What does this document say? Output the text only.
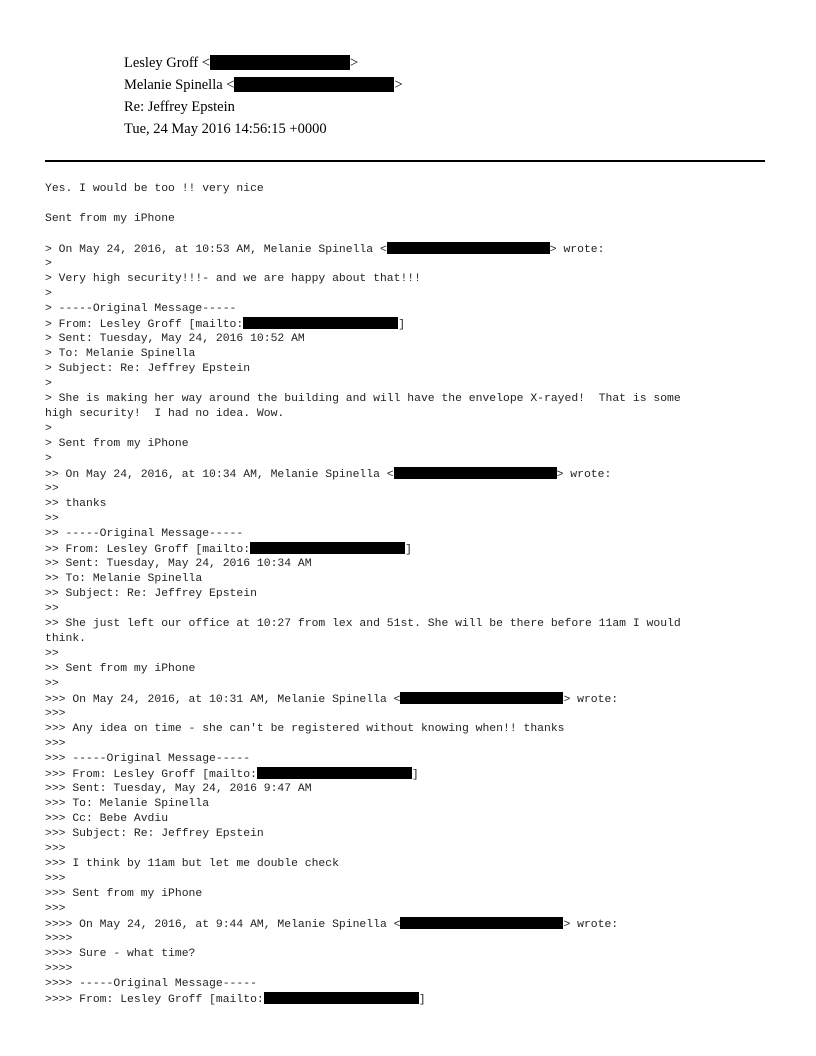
Lesley Groff <	>
Melanie Spinella <	>
Re: Jeffrey Epstein
Tue, 24 May 2016 14:56:15 +0000
Yes. I would be too !! very nice
Sent from my iPhone
> On May 24, 2016, at 10:53 AM, Melanie Spinella <	> wrote:
>
> Very high security!!!- and we are happy about that!!!
>
> -----Original Message-----
> From: Lesley Groff [mailto:	]
> Sent: Tuesday, May 24, 2016 10:52 AM
> To: Melanie Spinella
> Subject: Re: Jeffrey Epstein
>
> She is making her way around the building and will have the envelope X-rayed!  That is some
high security!  I had no idea. Wow.
>
> Sent from my iPhone
>
>> On May 24, 2016, at 10:34 AM, Melanie Spinella <	> wrote:
>>
>> thanks
>>
>> -----Original Message-----
>> From: Lesley Groff [mailto:	]
>> Sent: Tuesday, May 24, 2016 10:34 AM
>> To: Melanie Spinella
>> Subject: Re: Jeffrey Epstein
>>
>> She just left our office at 10:27 from lex and 51st. She will be there before 11am I would
think.
>>
>> Sent from my iPhone
>>
>>> On May 24, 2016, at 10:31 AM, Melanie Spinella <	> wrote:
>>>
>>> Any idea on time - she can't be registered without knowing when!! thanks
>>>
>>> -----Original Message-----
>>> From: Lesley Groff [mailto:	]
>>> Sent: Tuesday, May 24, 2016 9:47 AM
>>> To: Melanie Spinella
>>> Cc: Bebe Avdiu
>>> Subject: Re: Jeffrey Epstein
>>>
>>> I think by 11am but let me double check
>>>
>>> Sent from my iPhone
>>>
>>>> On May 24, 2016, at 9:44 AM, Melanie Spinella <	> wrote:
>>>>
>>>> Sure - what time?
>>>>
>>>> -----Original Message-----
>>>> From: Lesley Groff [mailto:	]
